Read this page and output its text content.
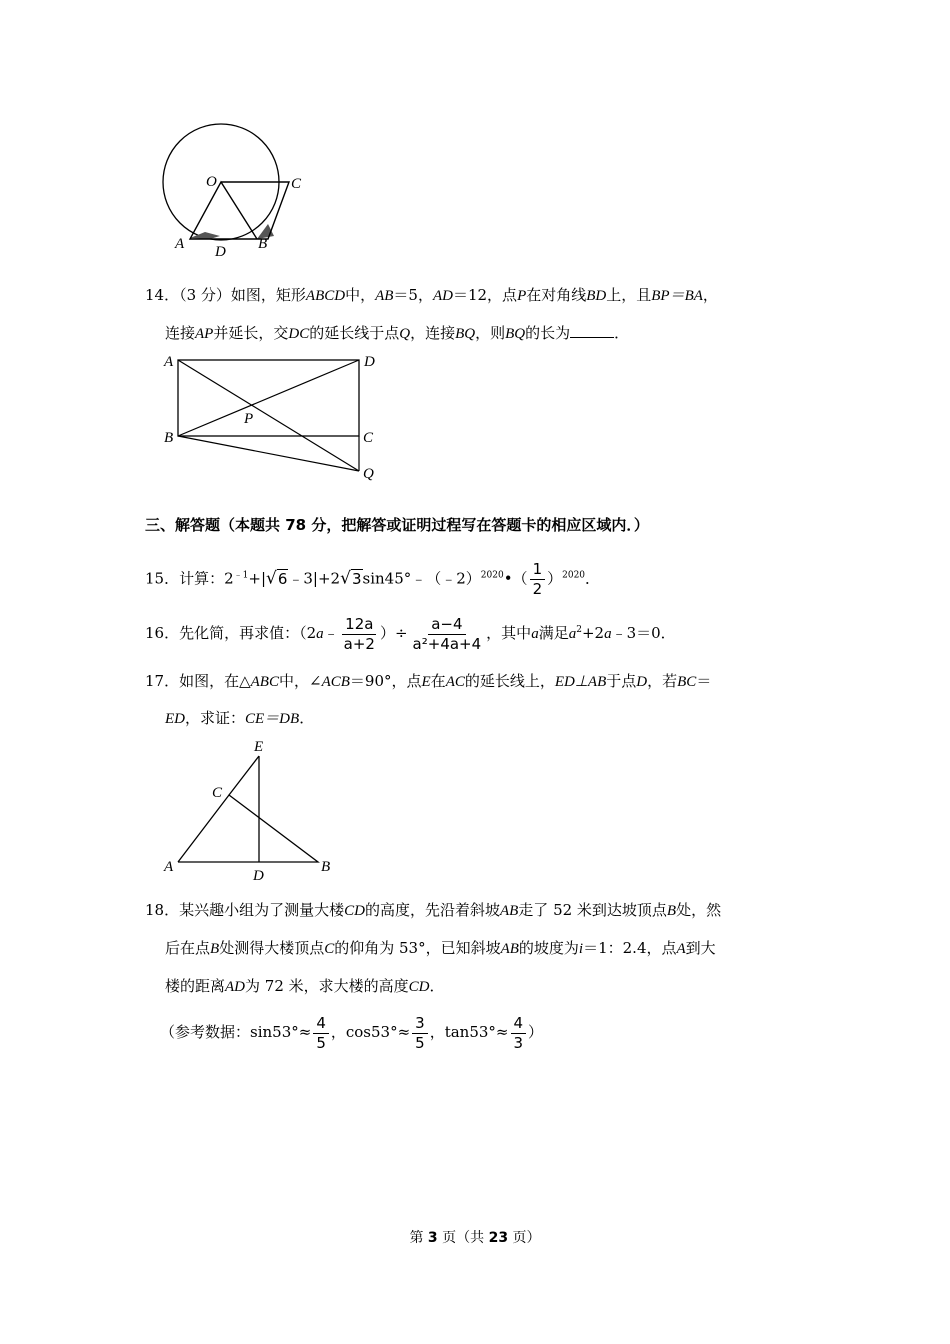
O	C
A D B
14．（3 分）如图，矩形ABCD中，AB＝5，AD＝12，点P在对角线BD上，且BP＝BA，
连接AP并延长，交DC的延长线于点Q，连接BQ，则BQ的长为	．
A	D
P
B	C
Q
三、解答题（本题共 78 分，把解答或证明过程写在答题卡的相应区域内．）
15．计算：$2^{﹣1}+|√6﹣3|+2√3\sin 45^\circ﹣(﹣2)^{2020}•( \frac{1}{2} )^{2020}$．
16．先化简，再求值：（2a﹣ $\frac{12a}{a+2}$ ）÷ $\frac{a-4}{\text{a²+4a+4}}$ ，其中a满足$a^2+2a﹣3=0$．
17．如图，在△ABC中，∠ACB＝90°，点E在AC的延长线上，ED⊥AB于点D，若BC＝
ED，求证：CE＝DB．
E
C
A
D
B
18．某兴趣小组为了测量大楼CD的高度，先沿着斜坡AB走了 52 米到达坡顶点B处，然
后在点B处测得大楼顶点C的仰角为 53°，已知斜坡AB的坡度为i＝1：2.4，点A到大
楼的距离AD为 72 米，求大楼的高度CD．
（参考数据：$\sin 53^\circ\approx \frac{4}{5}$ ，$\cos 53^\circ\approx \frac{3}{5}$ ，$\tan 53^\circ\approx \frac{4}{3}$ ）
第 3 页（共 23 页）
